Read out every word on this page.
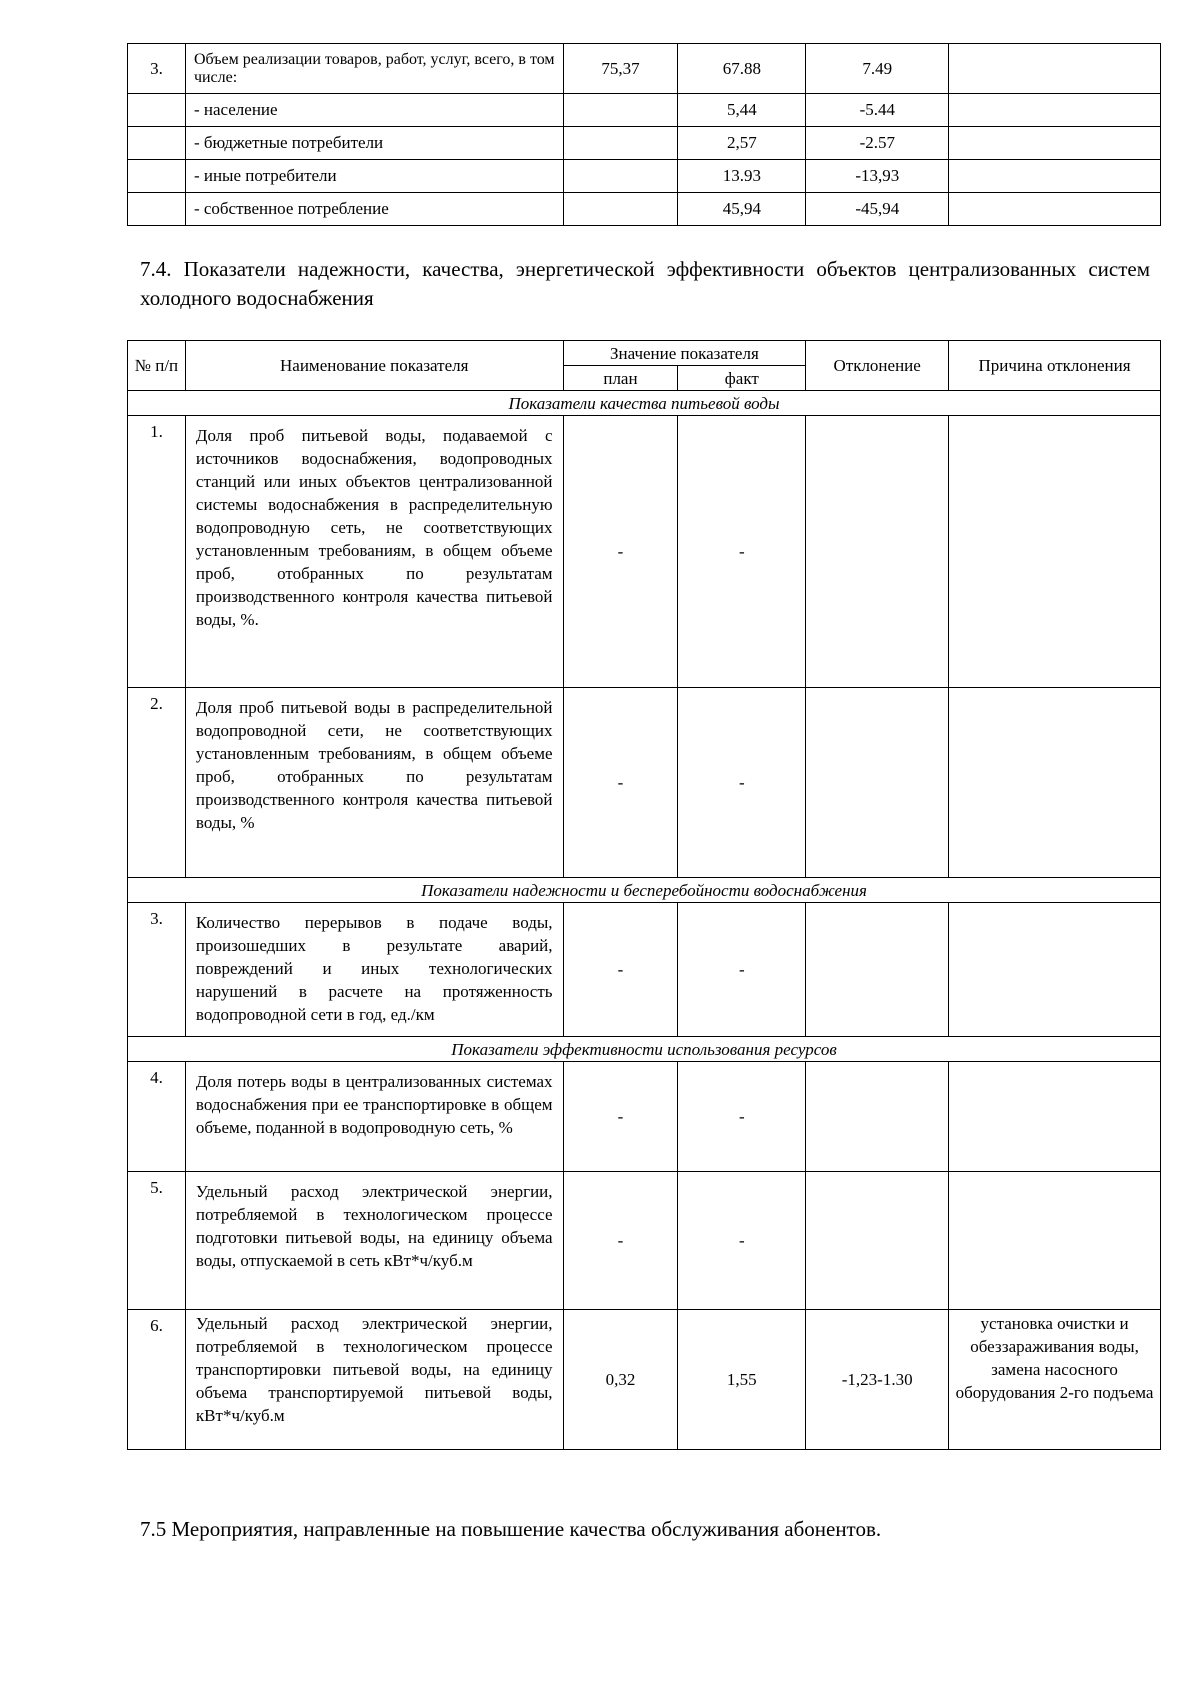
3.	Объем реализации товаров, работ, услуг, всего, в том числе:	75,37	67.88	7.49	
	- население		5,44	-5.44	
	- бюджетные потребители		2,57	-2.57	
	- иные потребители		13.93	-13,93	
	- собственное потребление		45,94	-45,94	
7.4. Показатели надежности, качества, энергетической эффективности объектов централизованных систем холодного водоснабжения
№ п/п	Наименование показателя	Значение показателя		Отклонение	Причина отклонения
		план	факт		
Показатели качества питьевой воды					
1.	Доля проб питьевой воды, подаваемой с источников водоснабжения, водопроводных станций или иных объектов централизованной системы водоснабжения в распределительную водопроводную сеть, не соответствующих установленным требованиям, в общем объеме проб, отобранных по результатам производственного контроля качества питьевой воды, %.	-	-		
2.	Доля проб питьевой воды в распределительной водопроводной сети, не соответствующих установленным требованиям, в общем объеме проб, отобранных по результатам производственного контроля качества питьевой воды, %	-	-		
Показатели надежности и бесперебойности водоснабжения					
3.	Количество перерывов в подаче воды, произошедших в результате аварий, повреждений и иных технологических нарушений в расчете на протяженность водопроводной сети в год, ед./км	-	-		
Показатели эффективности использования ресурсов					
4.	Доля потерь воды в централизованных системах водоснабжения при ее транспортировке в общем объеме, поданной в водопроводную сеть, %	-	-		
5.	Удельный расход электрической энергии, потребляемой в технологическом процессе подготовки питьевой воды, на единицу объема воды, отпускаемой в сеть кВт*ч/куб.м	-	-		
6.	Удельный расход электрической энергии, потребляемой в технологическом процессе транспортировки питьевой воды, на единицу объема транспортируемой питьевой воды, кВт*ч/куб.м	0,32	1,55	-1,23-1.30	установка очистки и обеззараживания воды, замена насосного оборудования 2-го подъема
7.5 Мероприятия, направленные на повышение качества обслуживания абонентов.
